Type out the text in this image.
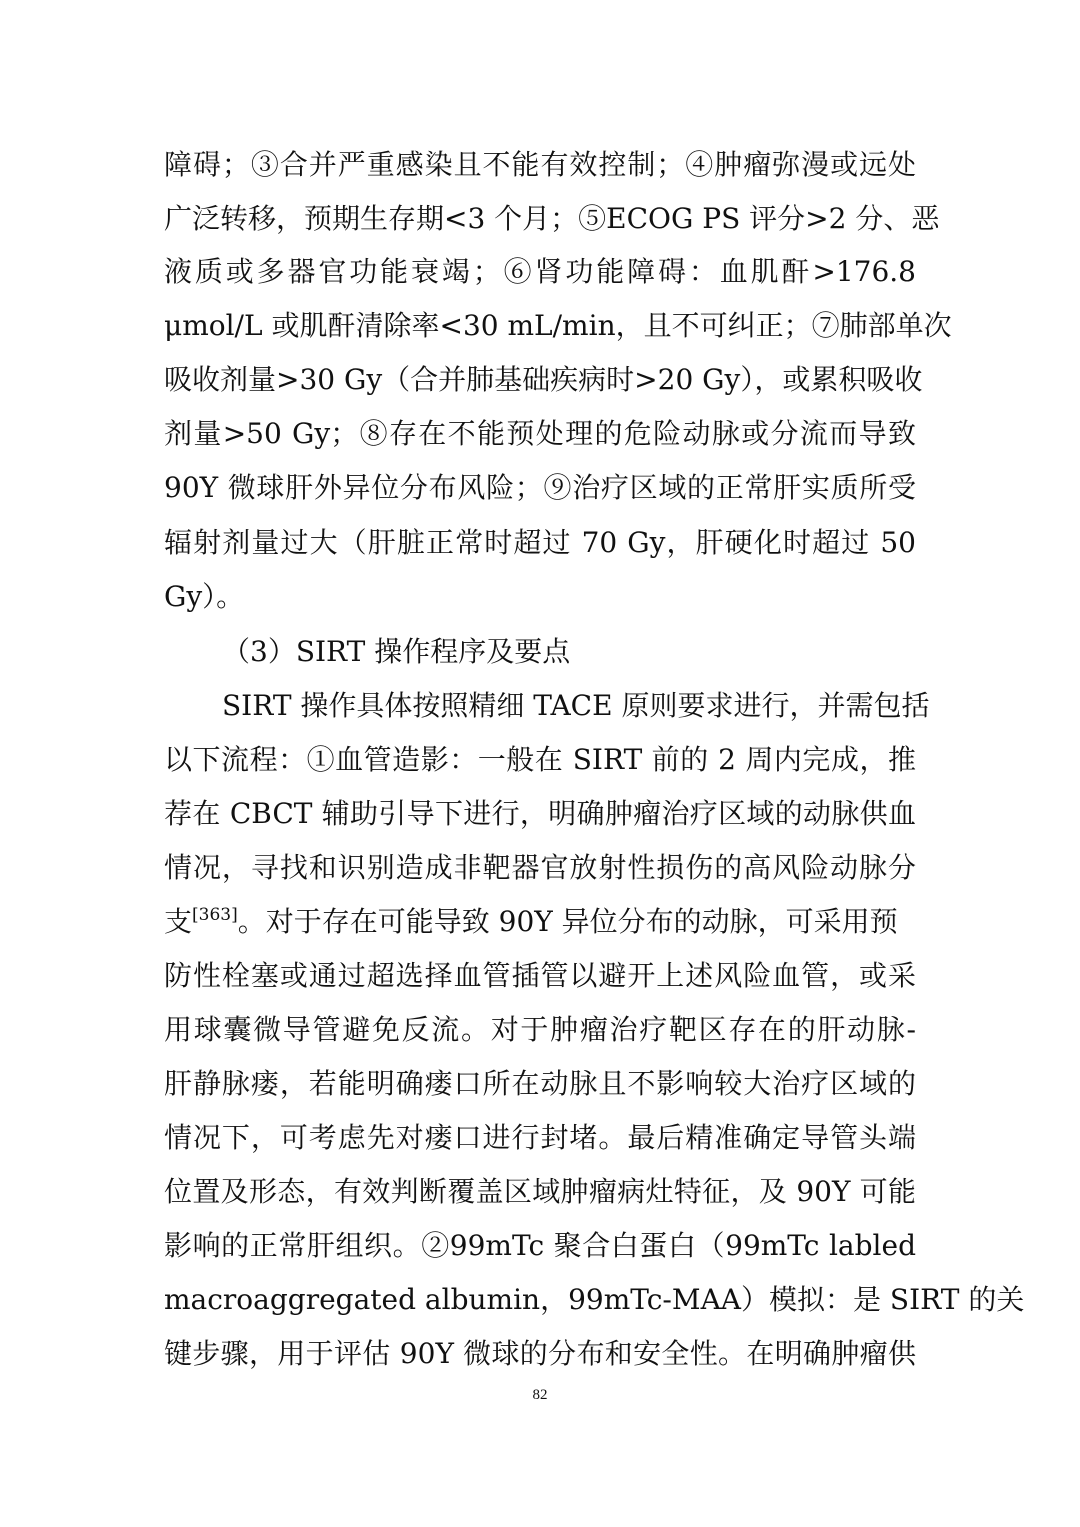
障碍；③合并严重感染且不能有效控制；④肿瘤弥漫或远处
广泛转移，预期生存期<3 个月；⑤ECOG PS 评分>2 分、恶
液质或多器官功能衰竭；⑥肾功能障碍：血肌酐>176.8
μmol/L 或肌酐清除率<30 mL/min，且不可纠正；⑦肺部单次
吸收剂量>30 Gy（合并肺基础疾病时>20 Gy），或累积吸收
剂量>50 Gy；⑧存在不能预处理的危险动脉或分流而导致
90Y 微球肝外异位分布风险；⑨治疗区域的正常肝实质所受
辐射剂量过大（肝脏正常时超过 70 Gy，肝硬化时超过 50
Gy）。
（3）SIRT 操作程序及要点
SIRT 操作具体按照精细 TACE 原则要求进行，并需包括
以下流程：①血管造影：一般在 SIRT 前的 2 周内完成，推
荐在 CBCT 辅助引导下进行，明确肿瘤治疗区域的动脉供血
情况，寻找和识别造成非靶器官放射性损伤的高风险动脉分
支[363]。对于存在可能导致 90Y 异位分布的动脉，可采用预
防性栓塞或通过超选择血管插管以避开上述风险血管，或采
用球囊微导管避免反流。对于肿瘤治疗靶区存在的肝动脉-
肝静脉瘘，若能明确瘘口所在动脉且不影响较大治疗区域的
情况下，可考虑先对瘘口进行封堵。最后精准确定导管头端
位置及形态，有效判断覆盖区域肿瘤病灶特征，及 90Y 可能
影响的正常肝组织。②99mTc 聚合白蛋白（99mTc labled
macroaggregated albumin，99mTc-MAA）模拟：是 SIRT 的关
键步骤，用于评估 90Y 微球的分布和安全性。在明确肿瘤供
82
